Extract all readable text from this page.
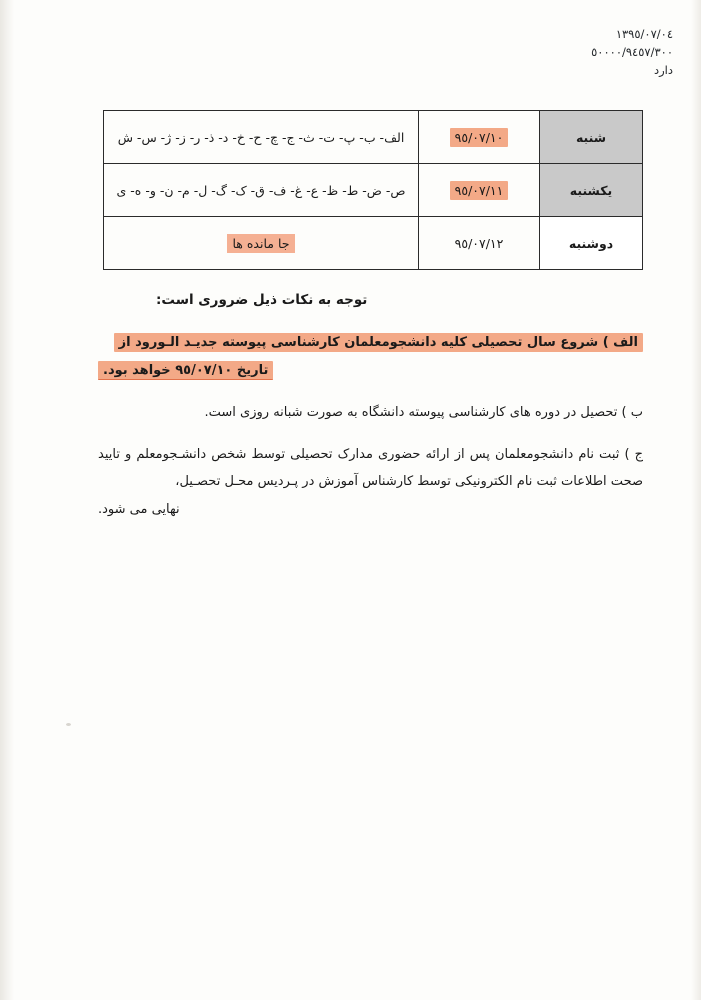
١٣٩٥/٠٧/٠٤
٥٠٠٠٠/٩٤٥٧/٣٠٠
دارد
شنبه	٩٥/٠٧/١٠	الف- ب- پ- ت- ث- ج- چ- ح- خ- د- ذ- ر- ز- ژ- س- ش
یکشنبه	٩٥/٠٧/١١	ص- ض- ط- ظ- ع- غ- ف- ق- ک- گ- ل- م- ن- و- ه- ی
دوشنبه	٩٥/٠٧/١٢	جا مانده ها
توجه به نکات ذیل ضروری است:
الف ) شروع سال تحصیلی کلیه دانشجومعلمان کارشناسی پیوسته جدیـد الـورود از
تاریخ ٩٥/٠٧/١٠ خواهد بود.
ب ) تحصیل در دوره های کارشناسی پیوسته دانشگاه به صورت شبانه روزی است.
ج ) ثبت نام دانشجومعلمان پس از ارائه حضوری مدارک تحصیلی توسط شخص دانشـجومعلم و تایید صحت اطلاعات ثبت نام الکترونیکی توسط کارشناس آموزش در پـردیس محـل تحصـیل،
نهایی می شود.
